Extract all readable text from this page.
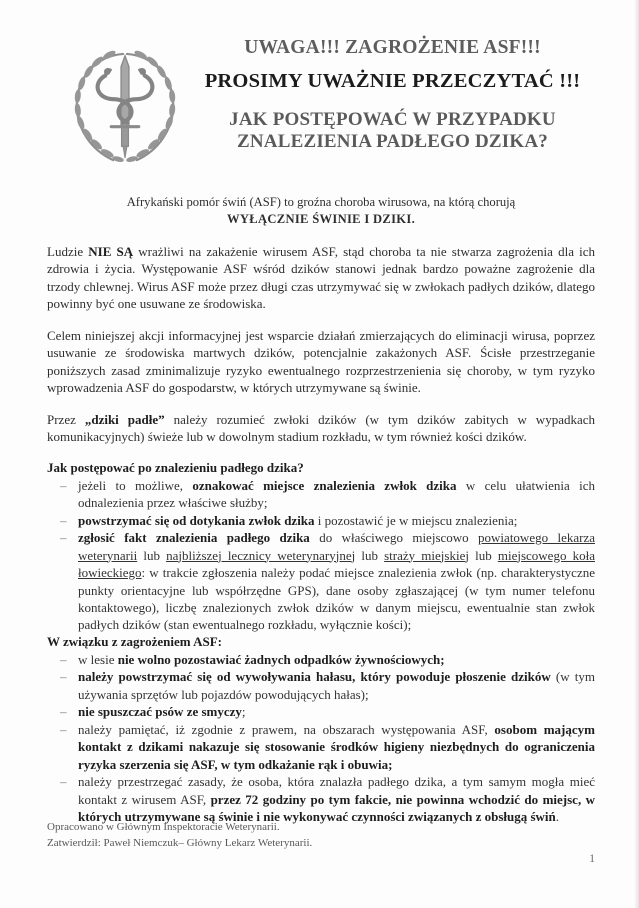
UWAGA!!! ZAGROŻENIE ASF!!!
PROSIMY UWAŻNIE PRZECZYTAĆ !!!
JAK POSTĘPOWAĆ W PRZYPADKU
ZNALEZIENIA PADŁEGO DZIKA?

Afrykański pomór świń (ASF) to groźna choroba wirusowa, na którą chorują
WYŁĄCZNIE ŚWINIE I DZIKI.

Ludzie NIE SĄ wrażliwi na zakażenie wirusem ASF, stąd choroba ta nie stwarza zagrożenia dla ich zdrowia i życia. Występowanie ASF wśród dzików stanowi jednak bardzo poważne zagrożenie dla trzody chlewnej. Wirus ASF może przez długi czas utrzymywać się w zwłokach padłych dzików, dlatego powinny być one usuwane ze środowiska.

Celem niniejszej akcji informacyjnej jest wsparcie działań zmierzających do eliminacji wirusa, poprzez usuwanie ze środowiska martwych dzików, potencjalnie zakażonych ASF. Ścisłe przestrzeganie poniższych zasad zminimalizuje ryzyko ewentualnego rozprzestrzenienia się choroby, w tym ryzyko wprowadzenia ASF do gospodarstw, w których utrzymywane są świnie.

Przez „dziki padłe” należy rozumieć zwłoki dzików (w tym dzików zabitych w wypadkach komunikacyjnych) świeże lub w dowolnym stadium rozkładu, w tym również kości dzików.

Jak postępować po znalezieniu padłego dzika?
– jeżeli to możliwe, oznakować miejsce znalezienia zwłok dzika w celu ułatwienia ich odnalezienia przez właściwe służby;
– powstrzymać się od dotykania zwłok dzika i pozostawić je w miejscu znalezienia;
– zgłosić fakt znalezienia padłego dzika do właściwego miejscowo powiatowego lekarza weterynarii lub najbliższej lecznicy weterynaryjnej lub straży miejskiej lub miejscowego koła łowieckiego: w trakcie zgłoszenia należy podać miejsce znalezienia zwłok (np. charakterystyczne punkty orientacyjne lub współrzędne GPS), dane osoby zgłaszającej (w tym numer telefonu kontaktowego), liczbę znalezionych zwłok dzików w danym miejscu, ewentualnie stan zwłok padłych dzików (stan ewentualnego rozkładu, wyłącznie kości);
W związku z zagrożeniem ASF:
– w lesie nie wolno pozostawiać żadnych odpadków żywnościowych;
– należy powstrzymać się od wywoływania hałasu, który powoduje płoszenie dzików (w tym używania sprzętów lub pojazdów powodujących hałas);
– nie spuszczać psów ze smyczy;
– należy pamiętać, iż zgodnie z prawem, na obszarach występowania ASF, osobom mającym kontakt z dzikami nakazuje się stosowanie środków higieny niezbędnych do ograniczenia ryzyka szerzenia się ASF, w tym odkażanie rąk i obuwia;
– należy przestrzegać zasady, że osoba, która znalazła padłego dzika, a tym samym mogła mieć kontakt z wirusem ASF, przez 72 godziny po tym fakcie, nie powinna wchodzić do miejsc, w których utrzymywane są świnie i nie wykonywać czynności związanych z obsługą świń.
Opracowano w Głównym Inspektoracie Weterynarii.
Zatwierdził: Paweł Niemczuk– Główny Lekarz Weterynarii.
1
